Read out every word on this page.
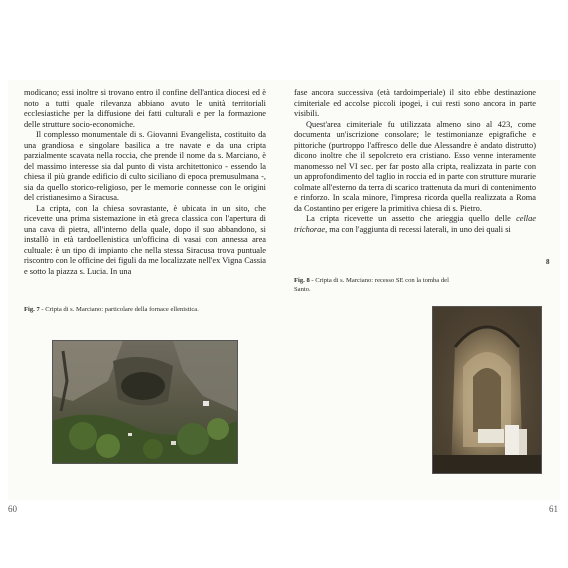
modicano; essi inoltre si trovano entro il confine dell'antica diocesi ed è noto a tutti quale rilevanza abbiano avuto le unità territoriali ecclesiastiche per la diffusione dei fatti culturali e per la formazione delle strutture socio-economiche.

Il complesso monumentale di s. Giovanni Evangelista, costituito da una grandiosa e singolare basilica a tre navate e da una cripta parzialmente scavata nella roccia, che prende il nome da s. Marciano, è del massimo interesse sia dal punto di vista architettonico - essendo la chiesa il più grande edificio di culto siciliano di epoca premusulmana -, sia da quello storico-religioso, per le memorie connesse con le origini del cristianesimo a Siracusa.

La cripta, con la chiesa sovrastante, è ubicata in un sito, che ricevette una prima sistemazione in età greca classica con l'apertura di una cava di pietra, all'interno della quale, dopo il suo abbandono, si installò in età tardoellenistica un'officina di vasai con annessa area cultuale: è un tipo di impianto che nella stessa Siracusa trova puntuale riscontro con le officine dei figuli da me localizzate nell'ex Vigna Cassia e sotto la piazza s. Lucia. In una

Fig. 7 - Cripta di s. Marciano: particolare della fornace ellenistica.
60

fase ancora successiva (età tardoimperiale) il sito ebbe destinazione cimiteriale ed accolse piccoli ipogei, i cui resti sono ancora in parte visibili.

Quest'area cimiteriale fu utilizzata almeno sino al 423, come documenta un'iscrizione consolare; le testimonianze epigrafiche e pittoriche (purtroppo l'affresco delle due Alessandre è andato distrutto) dicono inoltre che il sepolcreto era cristiano. Esso venne interamente manomesso nel VI sec. per far posto alla cripta, realizzata in parte con un approfondimento del taglio in roccia ed in parte con strutture murarie colmate all'esterno da terra di scarico trattenuta da muri di contenimento e rinforzo. In scala minore, l'impresa ricorda quella realizzata a Roma da Costantino per erigere la primitiva chiesa di s. Pietro.

La cripta ricevette un assetto che arieggia quello delle cellae trichorae, ma con l'aggiunta di recessi laterali, in uno dei quali si

8
Fig. 8 - Cripta di s. Marciano: recesso SE con la tomba del Santo.
61
